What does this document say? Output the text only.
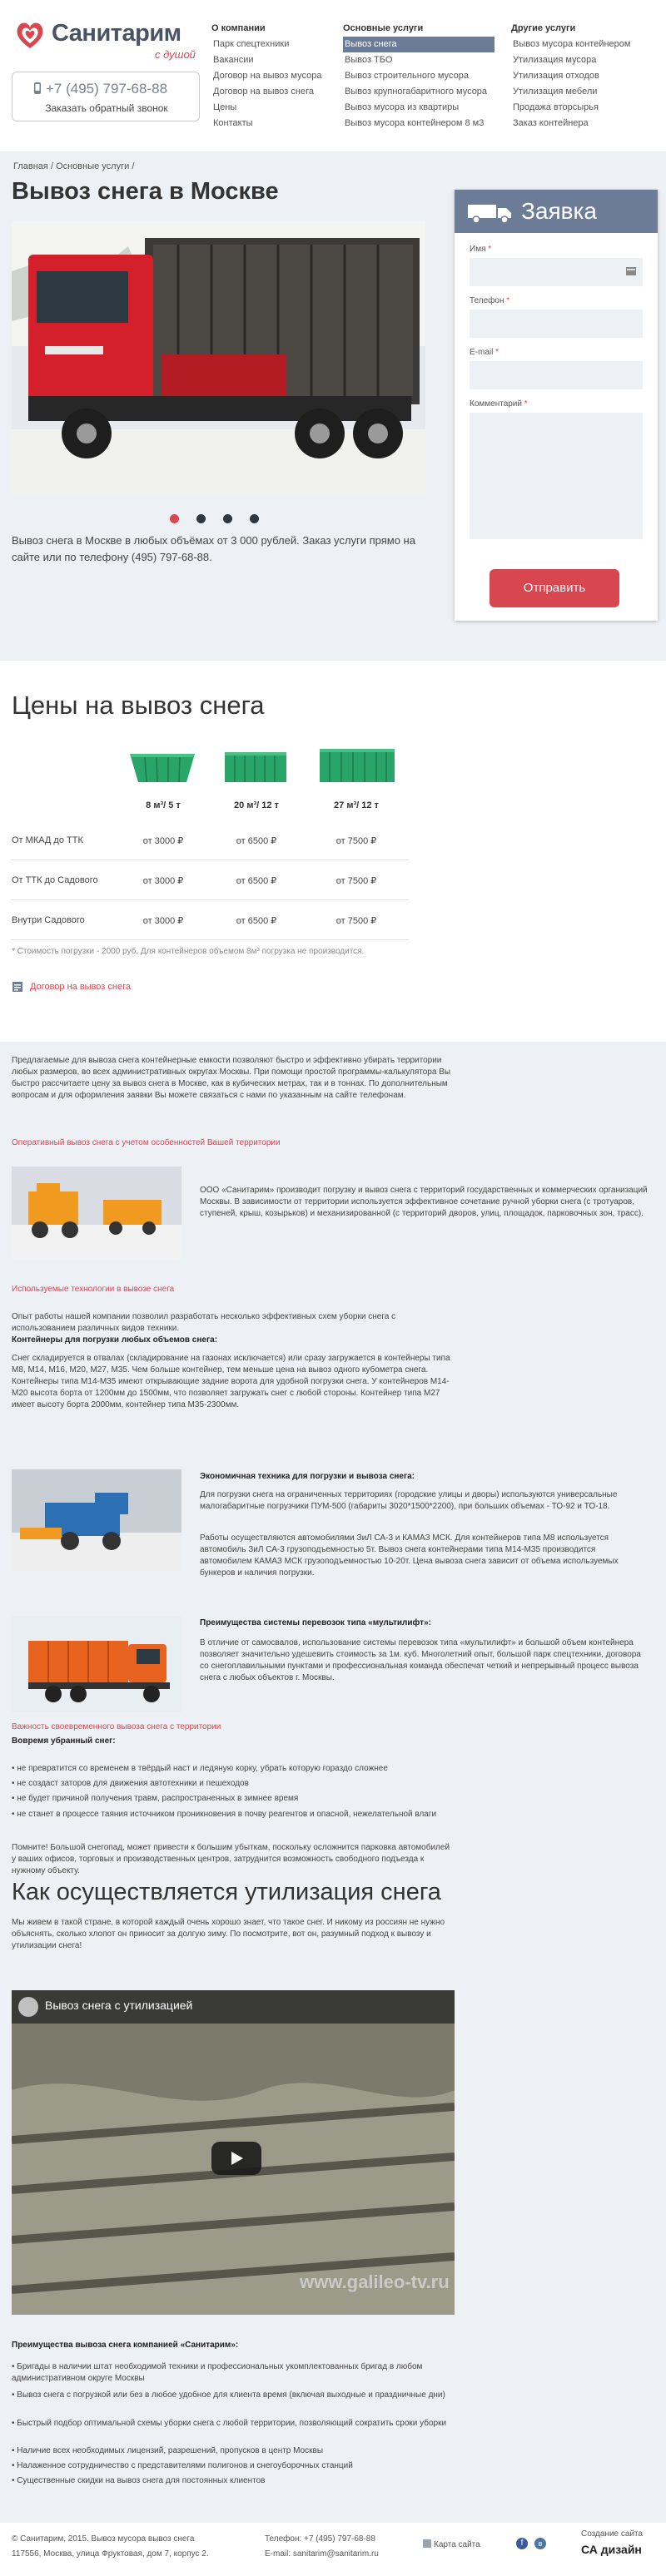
Санитарим
с душой
+7 (495) 797-68-88
Заказать обратный звонок
О компании
Парк спецтехники
Вакансии
Договор на вывоз мусора
Договор на вывоз снега
Цены
Контакты
Основные услуги
Вывоз снега
Вывоз ТБО
Вывоз строительного мусора
Вывоз крупногабаритного мусора
Вывоз мусора из квартиры
Вывоз мусора контейнером 8 м3
Другие услуги
Вывоз мусора контейнером
Утилизация мусора
Утилизация отходов
Утилизация мебели
Продажа вторсырья
Заказ контейнера
Главная / Основные услуги /
Вывоз снега в Москве
Вывоз снега в Москве в любых объёмах от 3 000 рублей. Заказ услуги прямо на сайте или по телефону (495) 797-68-88.
Заявка
Имя *
Телефон *
E-mail *
Комментарий *
Отправить
Цены на вывоз снега
8 м³/ 5 т	20 м³/ 12 т	27 м³/ 12 т
От МКАД до ТТК	от 3000 ₽	от 6500 ₽	от 7500 ₽
От ТТК до Садового	от 3000 ₽	от 6500 ₽	от 7500 ₽
Внутри Садового	от 3000 ₽	от 6500 ₽	от 7500 ₽
* Стоимость погрузки - 2000 руб. Для контейнеров объемом 8м³ погрузка не производится.
Договор на вывоз снега
Предлагаемые для вывоза снега контейнерные емкости позволяют быстро и эффективно убирать территории любых размеров, во всех административных округах Москвы. При помощи простой программы-калькулятора Вы быстро рассчитаете цену за вывоз снега в Москве, как в кубических метрах, так и в тоннах. По дополнительным вопросам и для оформления заявки Вы можете связаться с нами по указанным на сайте телефонам.
Оперативный вывоз снега с учетом особенностей Вашей территории
ООО «Санитарим» производит погрузку и вывоз снега с территорий государственных и коммерческих организаций Москвы. В зависимости от территории используется эффективное сочетание ручной уборки снега (с тротуаров, ступеней, крыш, козырьков) и механизированной (с территорий дворов, улиц, площадок, парковочных зон, трасс).
Используемые технологии в вывозе снега
Опыт работы нашей компании позволил разработать несколько эффективных схем уборки снега с использованием различных видов техники.
Контейнеры для погрузки любых объемов снега:
Снег складируется в отвалах (складирование на газонах исключается) или сразу загружается в контейнеры типа М8, М14, М16, М20, М27, М35. Чем больше контейнер, тем меньше цена на вывоз одного кубометра снега. Контейнеры типа М14-М35 имеют открывающие задние ворота для удобной погрузки снега. У контейнеров М14-М20 высота борта от 1200мм до 1500мм, что позволяет загружать снег с любой стороны. Контейнер типа М27 имеет высоту борта 2000мм, контейнер типа М35-2300мм.
Экономичная техника для погрузки и вывоза снега:
Для погрузки снега на ограниченных территориях (городские улицы и дворы) используются универсальные малогабаритные погрузчики ПУМ-500 (габариты 3020*1500*2200), при больших объемах - ТО-92 и ТО-18.
Работы осуществляются автомобилями ЗиЛ СА-3 и КАМАЗ МСК. Для контейнеров типа М8 используется автомобиль ЗиЛ СА-3 грузоподъемностью 5т. Вывоз снега контейнерами типа М14-М35 производится автомобилем КАМАЗ МСК грузоподъемностью 10-20т. Цена вывоза снега зависит от объема используемых бункеров и наличия погрузки.
Преимущества системы перевозок типа «мультилифт»:
В отличие от самосвалов, использование системы перевозок типа «мультилифт» и большой объем контейнера позволяет значительно удешевить стоимость за 1м. куб. Многолетний опыт, большой парк спецтехники, договора со снегоплавильными пунктами и профессиональная команда обеспечат четкий и непрерывный процесс вывоза снега с любых объектов г. Москвы.
Важность своевременного вывоза снега с территории
Вовремя убранный снег:
• не превратится со временем в твёрдый наст и ледяную корку, убрать которую гораздо сложнее
• не создаст заторов для движения автотехники и пешеходов
• не будет причиной получения травм, распространенных в зимнее время
• не станет в процессе таяния источником проникновения в почву реагентов и опасной, нежелательной влаги
Помните! Большой снегопад, может привести к большим убыткам, поскольку осложнится парковка автомобилей у ваших офисов, торговых и производственных центров, затруднится возможность свободного подъезда к нужному объекту.
Как осуществляется утилизация снега
Мы живем в такой стране, в которой каждый очень хорошо знает, что такое снег. И никому из россиян не нужно объяснять, сколько хлопот он приносит за долгую зиму. По посмотрите, вот он, разумный подход к вывозу и утилизации снега!
Вывоз снега с утилизацией
www.galileo-tv.ru
Преимущества вывоза снега компанией «Санитарим»:
• Бригады в наличии штат необходимой техники и профессиональных укомплектованных бригад в любом административном округе Москвы
• Вывоз снега с погрузкой или без в любое удобное для клиента время (включая выходные и праздничные дни)
• Быстрый подбор оптимальной схемы уборки снега с любой территории, позволяющий сократить сроки уборки
• Наличие всех необходимых лицензий, разрешений, пропусков в центр Москвы
• Налаженное сотрудничество с представителями полигонов и снегоуборочных станций
• Существенные скидки на вывоз снега для постоянных клиентов
© Санитарим, 2015. Вывоз мусора вывоз снега
117556, Москва, улица Фруктовая, дом 7, корпус 2.
Телефон: +7 (495) 797-68-88
E-mail: sanitarim@sanitarim.ru
Карта сайта	f	в
Создание сайта
СА дизайн
